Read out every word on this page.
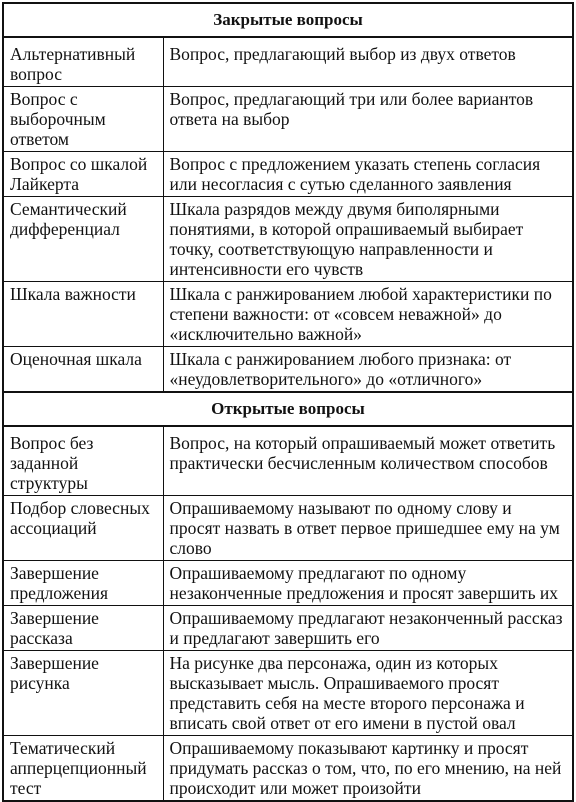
Закрытые вопросы	
Альтернативный вопрос	Вопрос, предлагающий выбор из двух ответов
Вопрос с выборочным ответом	Вопрос, предлагающий три или более вариантов ответа на выбор
Вопрос со шкалой Лайкерта	Вопрос с предложением указать степень согласия или несогласия с сутью сделанного заявления
Семантический дифференциал	Шкала разрядов между двумя биполярными понятиями, в которой опрашиваемый выбирает точку, соответствующую направленности и интенсивности его чувств
Шкала важности	Шкала с ранжированием любой характеристики по степени важности: от «совсем неважной» до «исключительно важной»
Оценочная шкала	Шкала с ранжированием любого признака: от «неудовлетворительного» до «отличного»
Открытые вопросы	
Вопрос без заданной структуры	Вопрос, на который опрашиваемый может ответить практически бесчисленным количеством способов
Подбор словесных ассоциаций	Опрашиваемому называют по одному слову и просят назвать в ответ первое пришедшее ему на ум слово
Завершение предложения	Опрашиваемому предлагают по одному незаконченные предложения и просят завершить их
Завершение рассказа	Опрашиваемому предлагают незаконченный рассказ и предлагают завершить его
Завершение рисунка	На рисунке два персонажа, один из которых высказывает мысль. Опрашиваемого просят представить себя на месте второго персонажа и вписать свой ответ от его имени в пустой овал
Тематический апперцепционный тест	Опрашиваемому показывают картинку и просят придумать рассказ о том, что, по его мнению, на ней происходит или может произойти
